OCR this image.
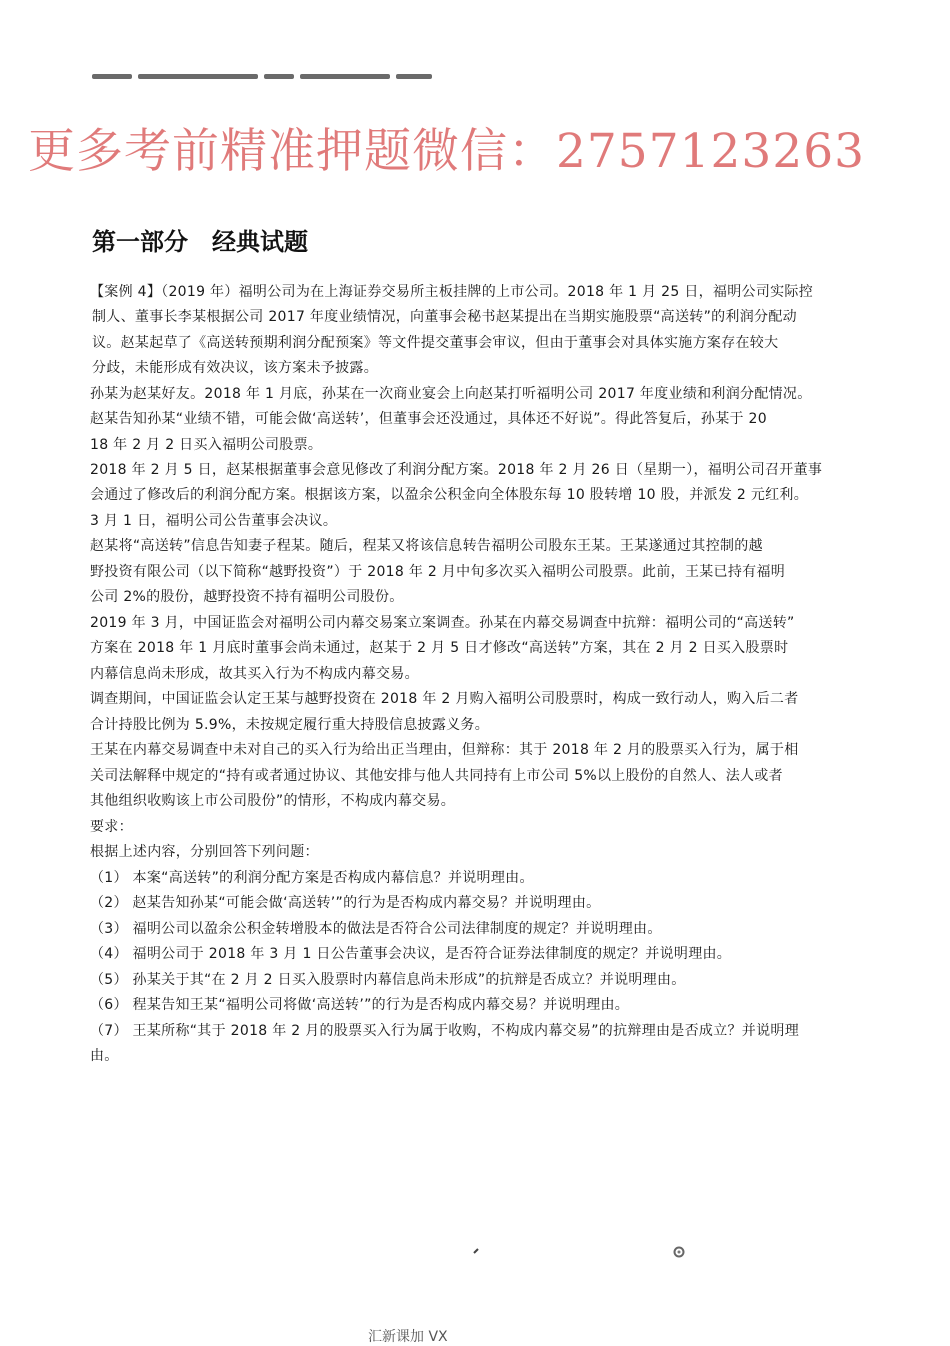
更多考前精准押题微信：2757123263
第一部分　经典试题

【案例 4】（2019 年）福明公司为在上海证券交易所主板挂牌的上市公司。2018 年 1 月 25 日，福明公司实际控

制人、董事长李某根据公司 2017 年度业绩情况，向董事会秘书赵某提出在当期实施股票“高送转”的利润分配动

议。赵某起草了《高送转预期利润分配预案》等文件提交董事会审议，但由于董事会对具体实施方案存在较大

分歧，未能形成有效决议，该方案未予披露。

孙某为赵某好友。2018 年 1 月底，孙某在一次商业宴会上向赵某打听福明公司 2017 年度业绩和利润分配情况。

赵某告知孙某“业绩不错，可能会做‘高送转’，但董事会还没通过，具体还不好说”。得此答复后，孙某于 20

18 年 2 月 2 日买入福明公司股票。

2018 年 2 月 5 日，赵某根据董事会意见修改了利润分配方案。2018 年 2 月 26 日（星期一），福明公司召开董事

会通过了修改后的利润分配方案。根据该方案，以盈余公积金向全体股东每 10 股转增 10 股，并派发 2 元红利。

3 月 1 日，福明公司公告董事会决议。

赵某将“高送转”信息告知妻子程某。随后，程某又将该信息转告福明公司股东王某。王某遂通过其控制的越

野投资有限公司（以下简称“越野投资”）于 2018 年 2 月中旬多次买入福明公司股票。此前，王某已持有福明

公司 2%的股份，越野投资不持有福明公司股份。

2019 年 3 月，中国证监会对福明公司内幕交易案立案调查。孙某在内幕交易调查中抗辩：福明公司的“高送转”

方案在 2018 年 1 月底时董事会尚未通过，赵某于 2 月 5 日才修改“高送转”方案，其在 2 月 2 日买入股票时

内幕信息尚未形成，故其买入行为不构成内幕交易。

调查期间，中国证监会认定王某与越野投资在 2018 年 2 月购入福明公司股票时，构成一致行动人，购入后二者

合计持股比例为 5.9%，未按规定履行重大持股信息披露义务。

王某在内幕交易调查中未对自己的买入行为给出正当理由，但辩称：其于 2018 年 2 月的股票买入行为，属于相

关司法解释中规定的“持有或者通过协议、其他安排与他人共同持有上市公司 5%以上股份的自然人、法人或者

其他组织收购该上市公司股份”的情形，不构成内幕交易。

要求：

根据上述内容，分别回答下列问题：

（1） 本案“高送转”的利润分配方案是否构成内幕信息？并说明理由。

（2） 赵某告知孙某“可能会做‘高送转’”的行为是否构成内幕交易？并说明理由。

（3） 福明公司以盈余公积金转增股本的做法是否符合公司法律制度的规定？并说明理由。

（4） 福明公司于 2018 年 3 月 1 日公告董事会决议，是否符合证券法律制度的规定？并说明理由。

（5） 孙某关于其“在 2 月 2 日买入股票时内幕信息尚未形成”的抗辩是否成立？并说明理由。

（6） 程某告知王某“福明公司将做‘高送转’”的行为是否构成内幕交易？并说明理由。

（7） 王某所称“其于 2018 年 2 月的股票买入行为属于收购，不构成内幕交易”的抗辩理由是否成立？并说明理

由。

汇新课加 VX
